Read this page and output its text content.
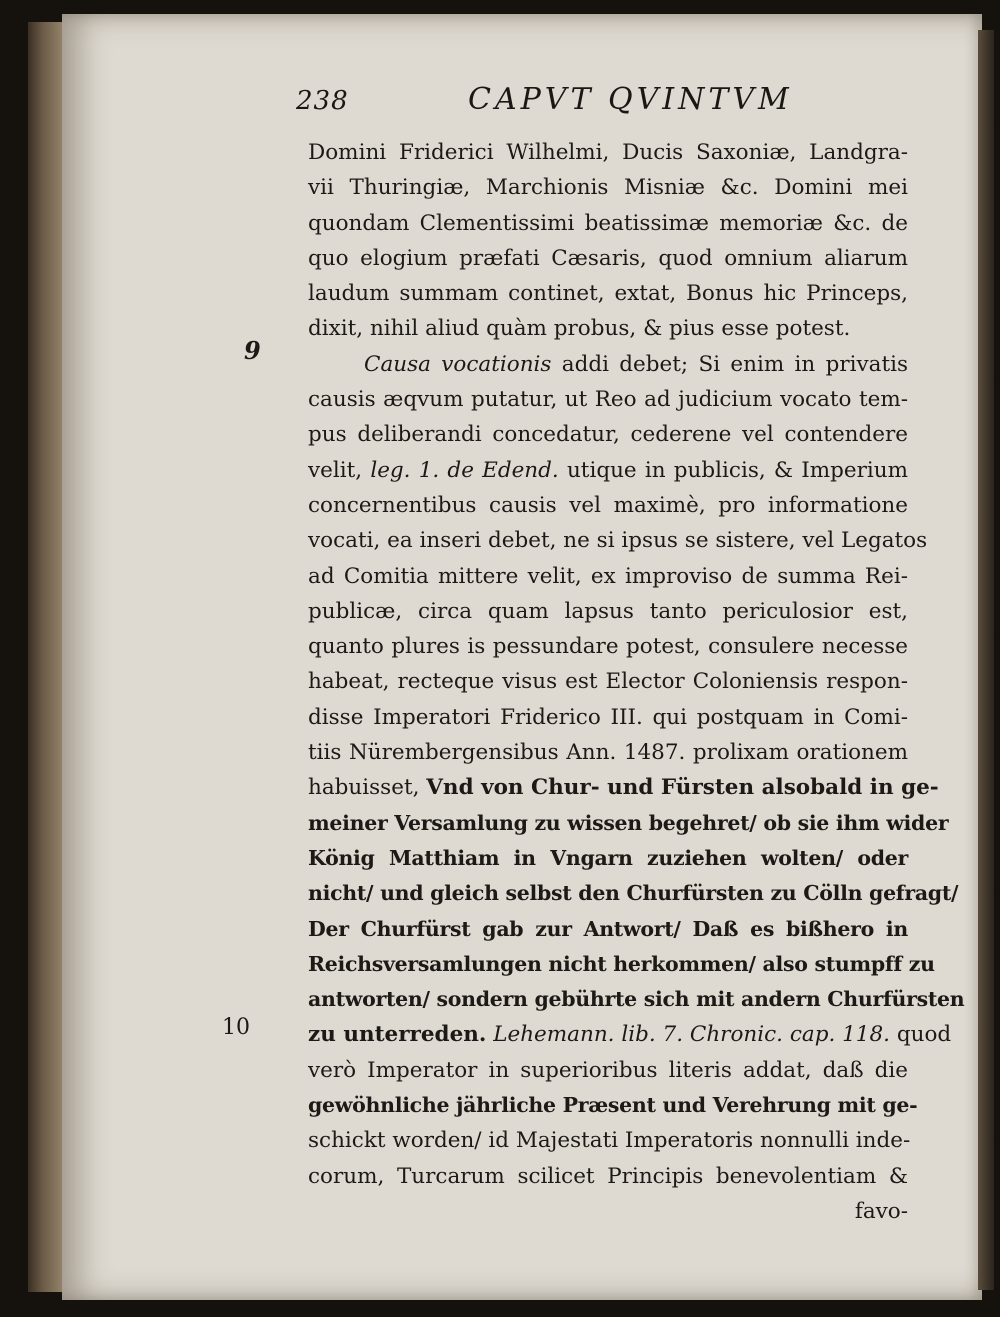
238	CAPVT QVINTVM
9
10
Domini Friderici Wilhelmi, Ducis Saxoniæ, Landgra-
vii Thuringiæ, Marchionis Misniæ &c. Domini mei
quondam Clementissimi beatissimæ memoriæ &c. de
quo elogium præfati Cæsaris, quod omnium aliarum
laudum summam continet, extat, Bonus hic Princeps,
dixit, nihil aliud quàm probus, & pius esse potest.
Causa vocationis addi debet; Si enim in privatis
causis æqvum putatur, ut Reo ad judicium vocato tem-
pus deliberandi concedatur, cederene vel contendere
velit, leg. 1. de Edend. utique in publicis, & Imperium
concernentibus causis vel maximè, pro informatione
vocati, ea inseri debet, ne si ipsus se sistere, vel Legatos
ad Comitia mittere velit, ex improviso de summa Rei-
publicæ, circa quam lapsus tanto periculosior est,
quanto plures is pessundare potest, consulere necesse
habeat, recteque visus est Elector Coloniensis respon-
disse Imperatori Friderico III. qui postquam in Comi-
tiis Nürembergensibus Ann. 1487. prolixam orationem
habuisset, Vnd von Chur- und Fürsten alsobald in ge-
meiner Versamlung zu wissen begehret/ ob sie ihm wider
König Matthiam in Vngarn zuziehen wolten/ oder
nicht/ und gleich selbst den Churfürsten zu Cölln gefragt/
Der Churfürst gab zur Antwort/ Daß es bißhero in
Reichsversamlungen nicht herkommen/ also stumpff zu
antworten/ sondern gebührte sich mit andern Churfürsten
zu unterreden. Lehemann. lib. 7. Chronic. cap. 118. quod
verò Imperator in superioribus literis addat, daß die
gewöhnliche jährliche Præsent und Verehrung mit ge-
schickt worden/ id Majestati Imperatoris nonnulli inde-
corum, Turcarum scilicet Principis benevolentiam &
favo-
